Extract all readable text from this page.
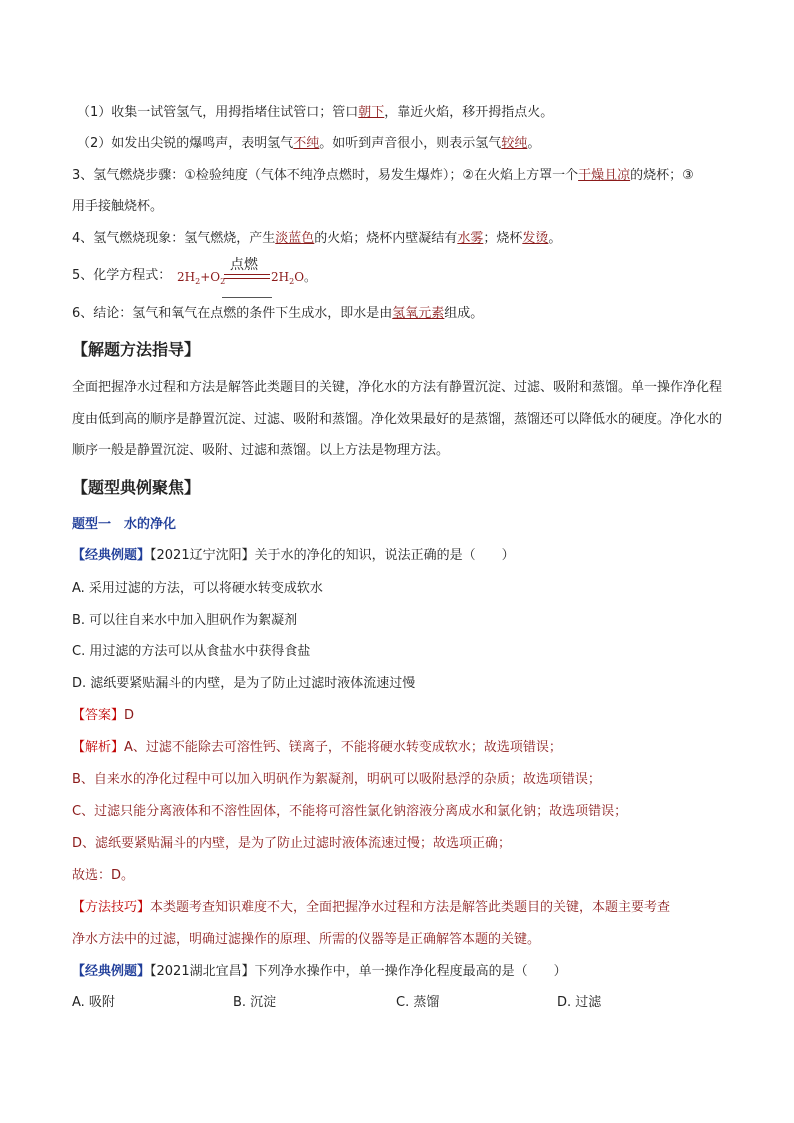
（1）收集一试管氢气，用拇指堵住试管口；管口朝下，靠近火焰，移开拇指点火。
（2）如发出尖锐的爆鸣声，表明氢气不纯。如听到声音很小，则表示氢气较纯。
3、氢气燃烧步骤：①检验纯度（气体不纯净点燃时，易发生爆炸）；②在火焰上方罩一个干燥且凉的烧杯；③
用手接触烧杯。
4、氢气燃烧现象：氢气燃烧，产生淡蓝色的火焰；烧杯内壁凝结有水雾；烧杯发烫。
5、化学方程式： $2H_2+O_2$
点燃
$2H_2O$。
6、结论：氢气和氧气在点燃的条件下生成水，即水是由氢氧元素组成。
【解题方法指导】
全面把握净水过程和方法是解答此类题目的关键，净化水的方法有静置沉淀、过滤、吸附和蒸馏。单一操作净化程度由低到高的顺序是静置沉淀、过滤、吸附和蒸馏。净化效果最好的是蒸馏，蒸馏还可以降低水的硬度。净化水的顺序一般是静置沉淀、吸附、过滤和蒸馏。以上方法是物理方法。
【题型典例聚焦】
题型一　水的净化
【经典例题】【2021辽宁沈阳】关于水的净化的知识，说法正确的是（　　）
A. 采用过滤的方法，可以将硬水转变成软水
B. 可以往自来水中加入胆矾作为絮凝剂
C. 用过滤的方法可以从食盐水中获得食盐
D. 滤纸要紧贴漏斗的内壁，是为了防止过滤时液体流速过慢
【答案】D
【解析】A、过滤不能除去可溶性钙、镁离子，不能将硬水转变成软水；故选项错误；
B、自来水的净化过程中可以加入明矾作为絮凝剂，明矾可以吸附悬浮的杂质；故选项错误；
C、过滤只能分离液体和不溶性固体，不能将可溶性氯化钠溶液分离成水和氯化钠；故选项错误；
D、滤纸要紧贴漏斗的内壁，是为了防止过滤时液体流速过慢；故选项正确；
故选：D。
【方法技巧】本类题考查知识难度不大，全面把握净水过程和方法是解答此类题目的关键，本题主要考查
净水方法中的过滤，明确过滤操作的原理、所需的仪器等是正确解答本题的关键。
【经典例题】【2021湖北宜昌】下列净水操作中，单一操作净化程度最高的是（　　）
A. 吸附	B. 沉淀	C. 蒸馏	D. 过滤
